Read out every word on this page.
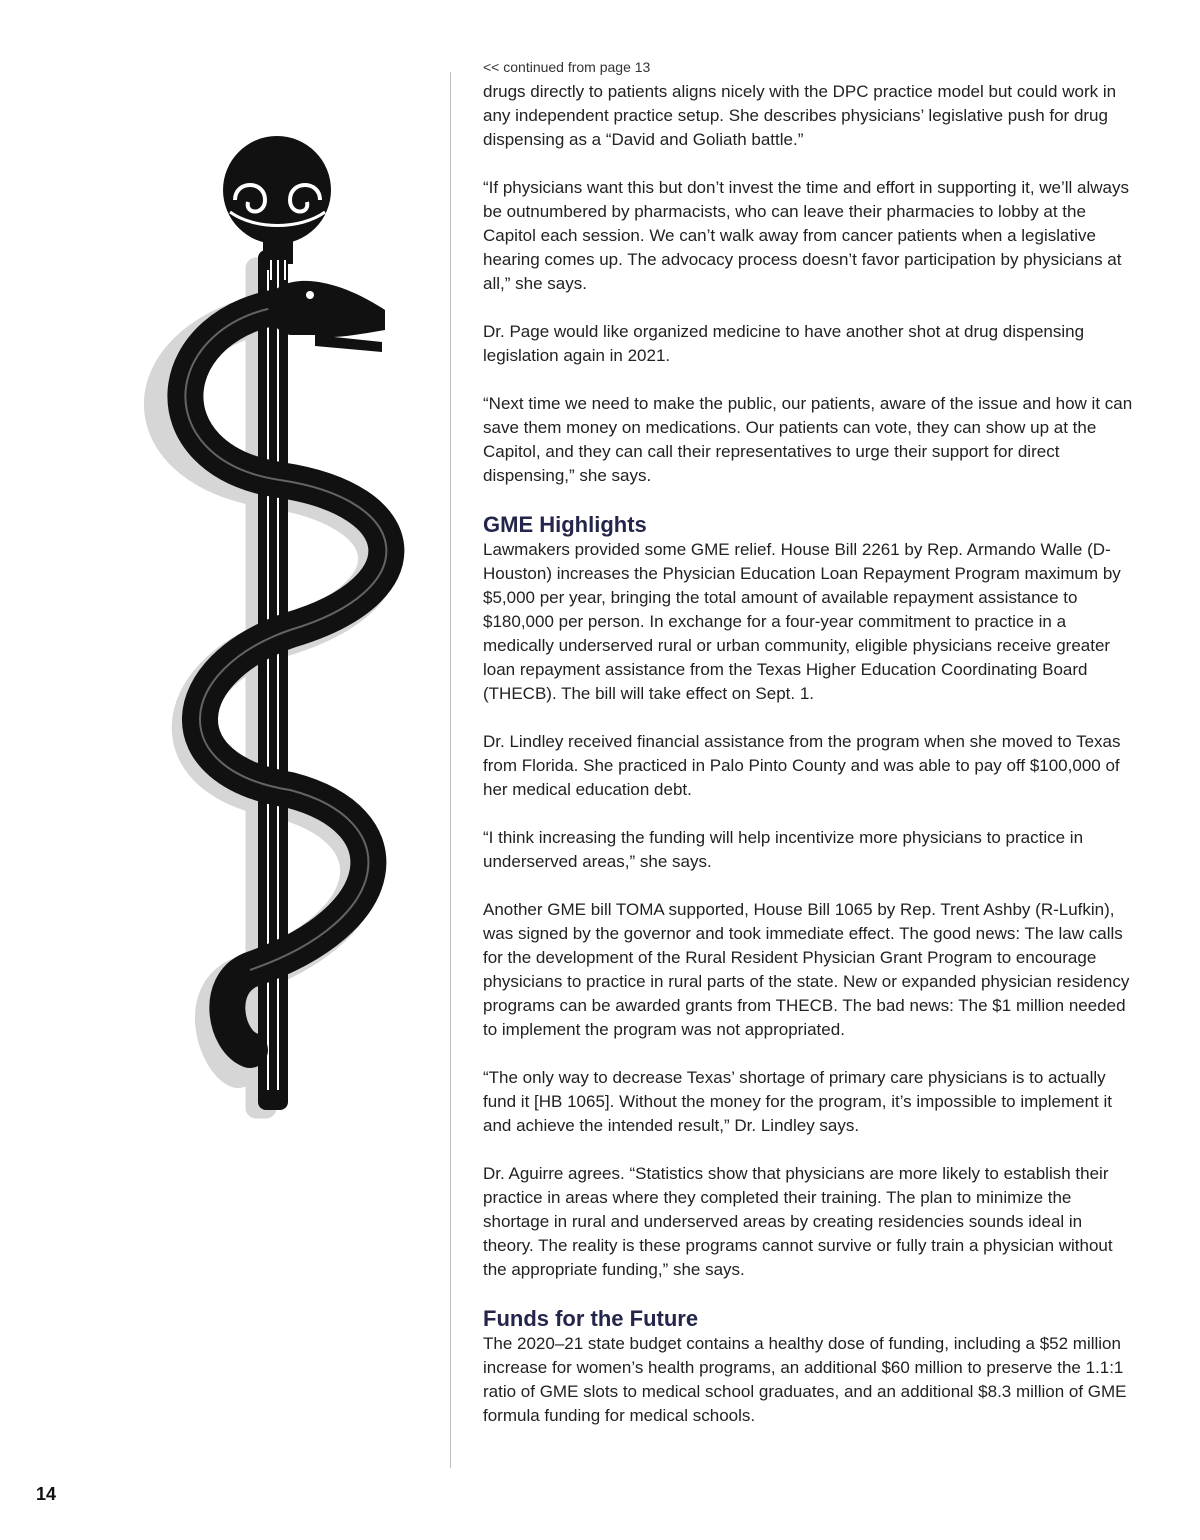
<< continued from page 13

drugs directly to patients aligns nicely with the DPC practice model but could work in any independent practice setup. She describes physicians’ legislative push for drug dispensing as a “David and Goliath battle.”

“If physicians want this but don’t invest the time and effort in supporting it, we’ll always be outnumbered by pharmacists, who can leave their pharmacies to lobby at the Capitol each session. We can’t walk away from cancer patients when a legislative hearing comes up. The advocacy process doesn’t favor participation by physicians at all,” she says.

Dr. Page would like organized medicine to have another shot at drug dispensing legislation again in 2021.

“Next time we need to make the public, our patients, aware of the issue and how it can save them money on medications. Our patients can vote, they can show up at the Capitol, and they can call their representatives to urge their support for direct dispensing,” she says.

GME Highlights

Lawmakers provided some GME relief. House Bill 2261 by Rep. Armando Walle (D-Houston) increases the Physician Education Loan Repayment Program maximum by $5,000 per year, bringing the total amount of available repayment assistance to $180,000 per person. In exchange for a four-year commitment to practice in a medically underserved rural or urban community, eligible physicians receive greater loan repayment assistance from the Texas Higher Education Coordinating Board (THECB). The bill will take effect on Sept. 1.

Dr. Lindley received financial assistance from the program when she moved to Texas from Florida. She practiced in Palo Pinto County and was able to pay off $100,000 of her medical education debt.

“I think increasing the funding will help incentivize more physicians to practice in underserved areas,” she says.

Another GME bill TOMA supported, House Bill 1065 by Rep. Trent Ashby (R-Lufkin), was signed by the governor and took immediate effect. The good news: The law calls for the development of the Rural Resident Physician Grant Program to encourage physicians to practice in rural parts of the state. New or expanded physician residency programs can be awarded grants from THECB. The bad news: The $1 million needed to implement the program was not appropriated.

“The only way to decrease Texas’ shortage of primary care physicians is to actually fund it [HB 1065]. Without the money for the program, it’s impossible to implement it and achieve the intended result,” Dr. Lindley says.

Dr. Aguirre agrees. “Statistics show that physicians are more likely to establish their practice in areas where they completed their training. The plan to minimize the shortage in rural and underserved areas by creating residencies sounds ideal in theory. The reality is these programs cannot survive or fully train a physician without the appropriate funding,” she says.

Funds for the Future

The 2020–21 state budget contains a healthy dose of funding, including a $52 million increase for women’s health programs, an additional $60 million to preserve the 1.1:1 ratio of GME slots to medical school graduates, and an additional $8.3 million of GME formula funding for medical schools.

14
